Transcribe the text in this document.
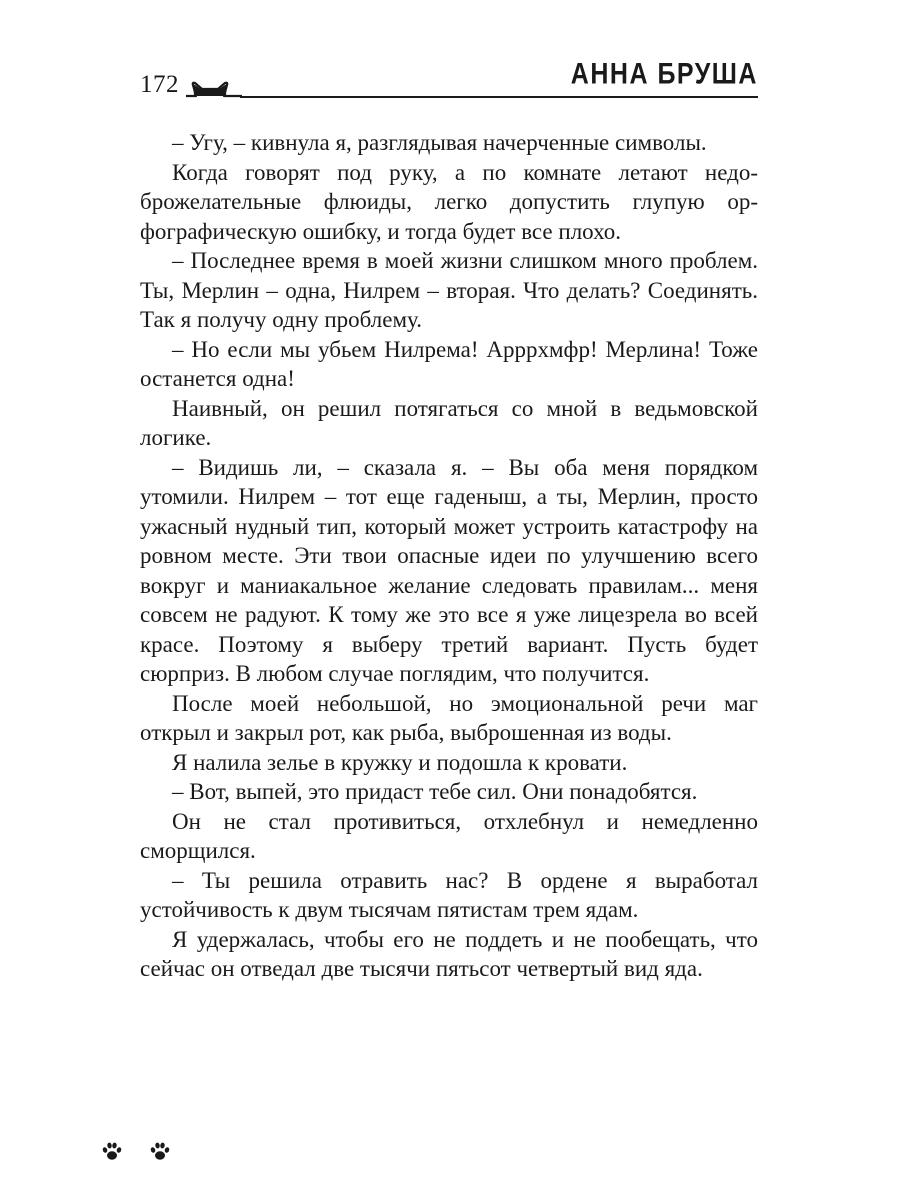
172	АННА БРУША

– Угу, – кивнула я, разглядывая начерченные символы.

Когда говорят под руку, а по комнате летают недоброжелательные флюиды, легко допустить глупую орфографическую ошибку, и тогда будет все плохо.

– Последнее время в моей жизни слишком много проблем. Ты, Мерлин – одна, Нилрем – вторая. Что делать? Соединять. Так я получу одну проблему.

– Но если мы убьем Нилрема! Арррхмфр! Мерлина! Тоже останется одна!

Наивный, он решил потягаться со мной в ведьмовской логике.

– Видишь ли, – сказала я. – Вы оба меня порядком утомили. Нилрем – тот еще гаденыш, а ты, Мерлин, просто ужасный нудный тип, который может устроить катастрофу на ровном месте. Эти твои опасные идеи по улучшению всего вокруг и маниакальное желание следовать правилам... меня совсем не радуют. К тому же это все я уже лицезрела во всей красе. Поэтому я выберу третий вариант. Пусть будет сюрприз. В любом случае поглядим, что получится.

После моей небольшой, но эмоциональной речи маг открыл и закрыл рот, как рыба, выброшенная из воды.

Я налила зелье в кружку и подошла к кровати.

– Вот, выпей, это придаст тебе сил. Они понадобятся.

Он не стал противиться, отхлебнул и немедленно сморщился.

– Ты решила отравить нас? В ордене я выработал устойчивость к двум тысячам пятистам трем ядам.

Я удержалась, чтобы его не поддеть и не пообещать, что сейчас он отведал две тысячи пятьсот четвертый вид яда.
